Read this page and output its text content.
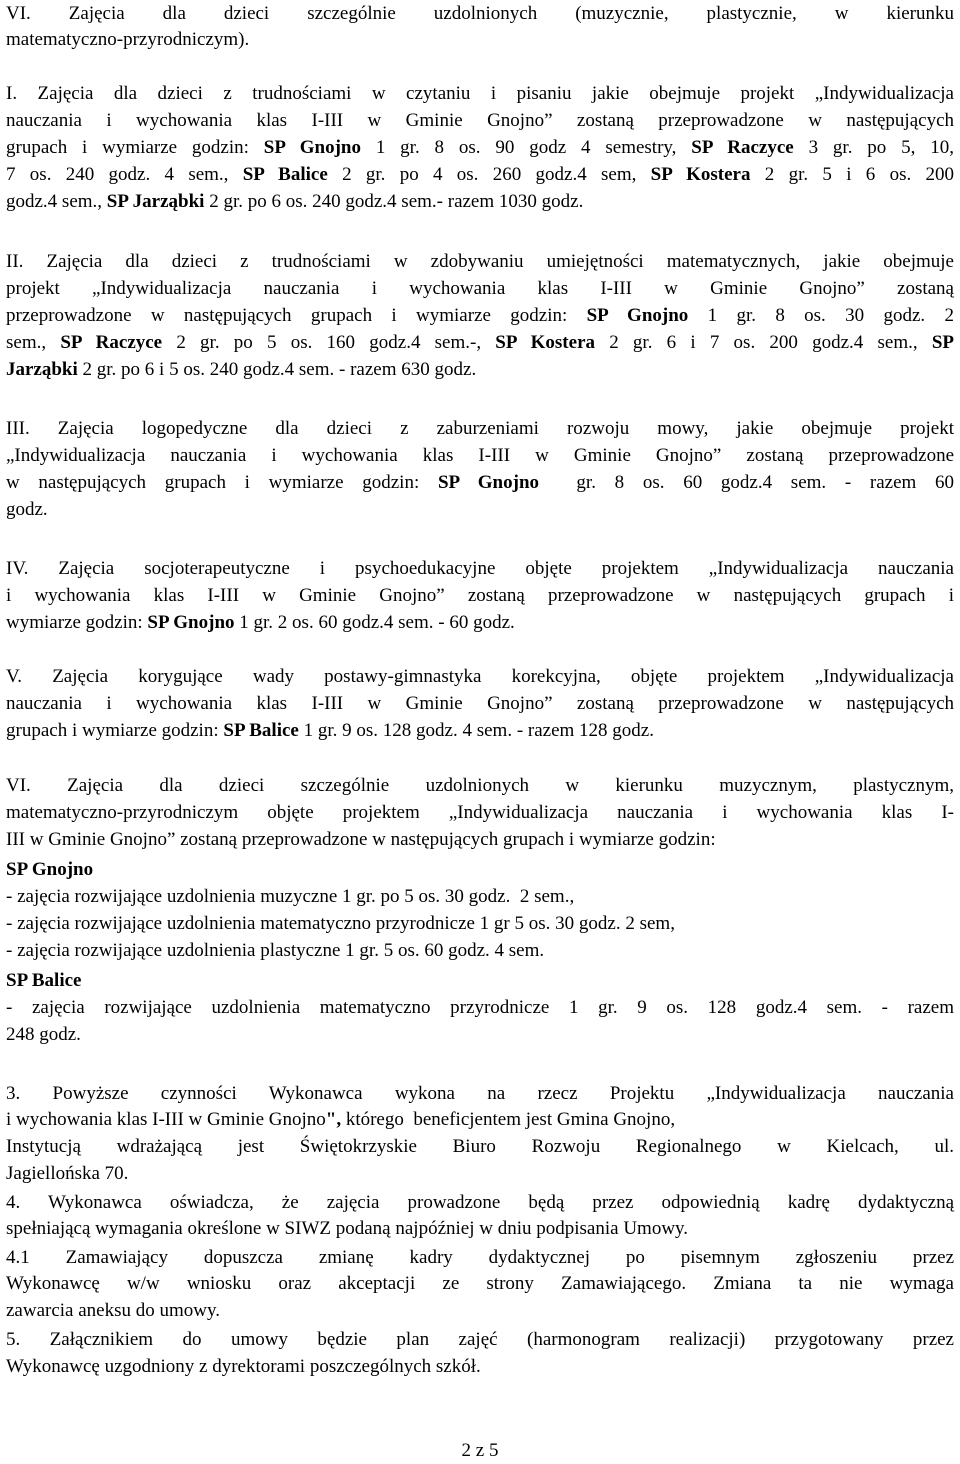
VI.  Zajęcia  dla  dzieci  szczególnie  uzdolnionych  (muzycznie,  plastycznie,  w  kierunku
matematyczno-przyrodniczym).
I. Zajęcia dla dzieci z trudnościami w czytaniu i pisaniu jakie obejmuje projekt „Indywidualizacja
nauczania i wychowania klas I-III w Gminie Gnojno” zostaną przeprowadzone w następujących
grupach i wymiarze godzin: SP Gnojno 1 gr. 8 os. 90 godz 4 semestry, SP Raczyce 3 gr. po 5, 10,
7 os. 240 godz. 4 sem., SP Balice 2 gr. po 4 os. 260 godz.4 sem, SP Kostera 2 gr. 5 i 6 os. 200
godz.4 sem., SP Jarząbki 2 gr. po 6 os. 240 godz.4 sem.- razem 1030 godz.
II. Zajęcia dla dzieci z trudnościami w zdobywaniu umiejętności matematycznych, jakie obejmuje
projekt  „Indywidualizacja  nauczania  i  wychowania  klas  I-III  w  Gminie  Gnojno”  zostaną
przeprowadzone w następujących grupach i wymiarze godzin: SP Gnojno 1 gr. 8 os. 30 godz. 2
sem., SP Raczyce 2 gr. po 5 os. 160 godz.4 sem.-, SP Kostera 2 gr. 6 i 7 os. 200 godz.4 sem., SP
Jarząbki 2 gr. po 6 i 5 os. 240 godz.4 sem. - razem 630 godz.
III. Zajęcia logopedyczne dla dzieci z zaburzeniami rozwoju mowy, jakie obejmuje projekt
„Indywidualizacja nauczania i wychowania klas I-III w Gminie Gnojno” zostaną przeprowadzone
w następujących grupach i wymiarze godzin: SP Gnojno  gr. 8 os. 60 godz.4 sem. - razem 60
godz.
IV. Zajęcia socjoterapeutyczne i psychoedukacyjne objęte projektem „Indywidualizacja nauczania
i wychowania klas I-III w Gminie Gnojno” zostaną przeprowadzone w następujących grupach i
wymiarze godzin: SP Gnojno 1 gr. 2 os. 60 godz.4 sem. - 60 godz.
V. Zajęcia korygujące wady postawy-gimnastyka korekcyjna, objęte projektem „Indywidualizacja
nauczania i wychowania klas I-III w Gminie Gnojno” zostaną przeprowadzone w następujących
grupach i wymiarze godzin: SP Balice 1 gr. 9 os. 128 godz. 4 sem. - razem 128 godz.
VI. Zajęcia dla dzieci szczególnie uzdolnionych w kierunku muzycznym, plastycznym,
matematyczno-przyrodniczym objęte projektem „Indywidualizacja nauczania i wychowania klas I-
III w Gminie Gnojno” zostaną przeprowadzone w następujących grupach i wymiarze godzin:
SP Gnojno
- zajęcia rozwijające uzdolnienia muzyczne 1 gr. po 5 os. 30 godz.  2 sem.,
- zajęcia rozwijające uzdolnienia matematyczno przyrodnicze 1 gr 5 os. 30 godz. 2 sem,
- zajęcia rozwijające uzdolnienia plastyczne 1 gr. 5 os. 60 godz. 4 sem.
SP Balice
- zajęcia rozwijające uzdolnienia matematyczno przyrodnicze 1 gr. 9 os. 128 godz.4 sem. - razem
248 godz.
3.  Powyższe  czynności  Wykonawca  wykona  na  rzecz  Projektu  „Indywidualizacja  nauczania
i wychowania klas I-III w Gminie Gnojno", którego  beneficjentem jest Gmina Gnojno,
Instytucją wdrażającą jest Świętokrzyskie Biuro Rozwoju Regionalnego w Kielcach, ul.
Jagiellońska 70.
4. Wykonawca oświadcza, że zajęcia prowadzone będą przez odpowiednią kadrę dydaktyczną
spełniającą wymagania określone w SIWZ podaną najpóźniej w dniu podpisania Umowy.
4.1 Zamawiający dopuszcza zmianę kadry dydaktycznej po pisemnym zgłoszeniu przez
Wykonawcę w/w wniosku oraz akceptacji ze strony Zamawiającego. Zmiana ta nie wymaga
zawarcia aneksu do umowy.
5. Załącznikiem do umowy będzie plan zajęć (harmonogram realizacji) przygotowany przez
Wykonawcę uzgodniony z dyrektorami poszczególnych szkół.
2 z 5
